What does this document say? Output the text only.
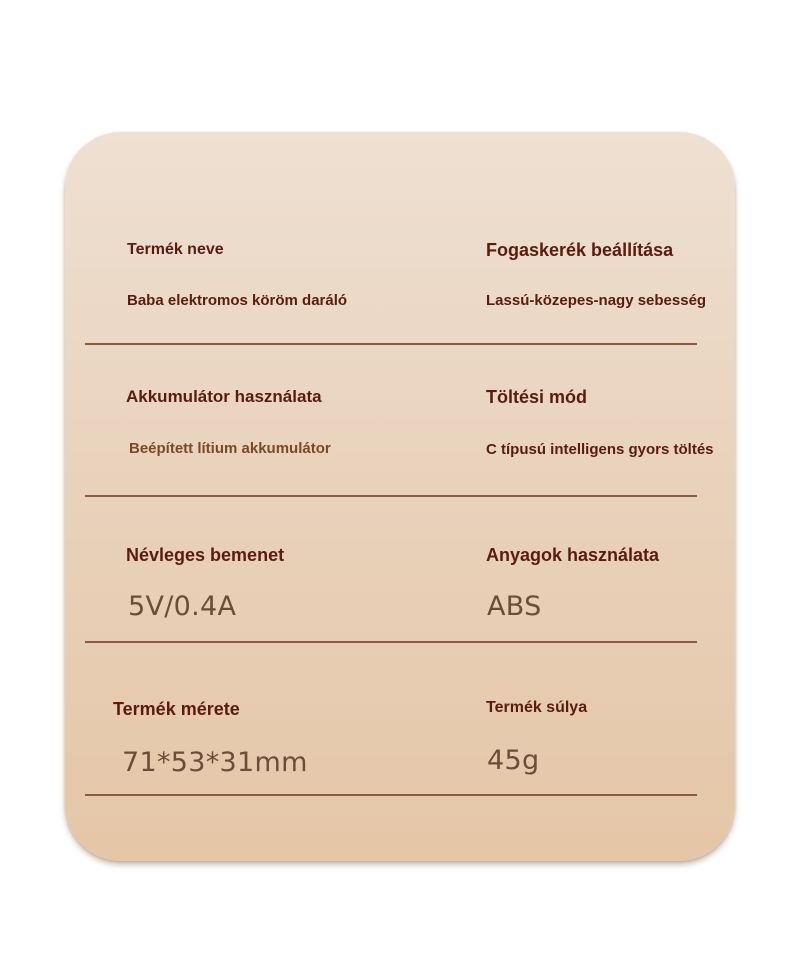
Termék neve
Baba elektromos köröm daráló
Fogaskerék beállítása
Lassú-közepes-nagy sebesség
Akkumulátor használata
Beépített lítium akkumulátor
Töltési mód
C típusú intelligens gyors töltés
Névleges bemenet
5V/0.4A
Anyagok használata
ABS
Termék mérete
71*53*31mm
Termék súlya
45g
